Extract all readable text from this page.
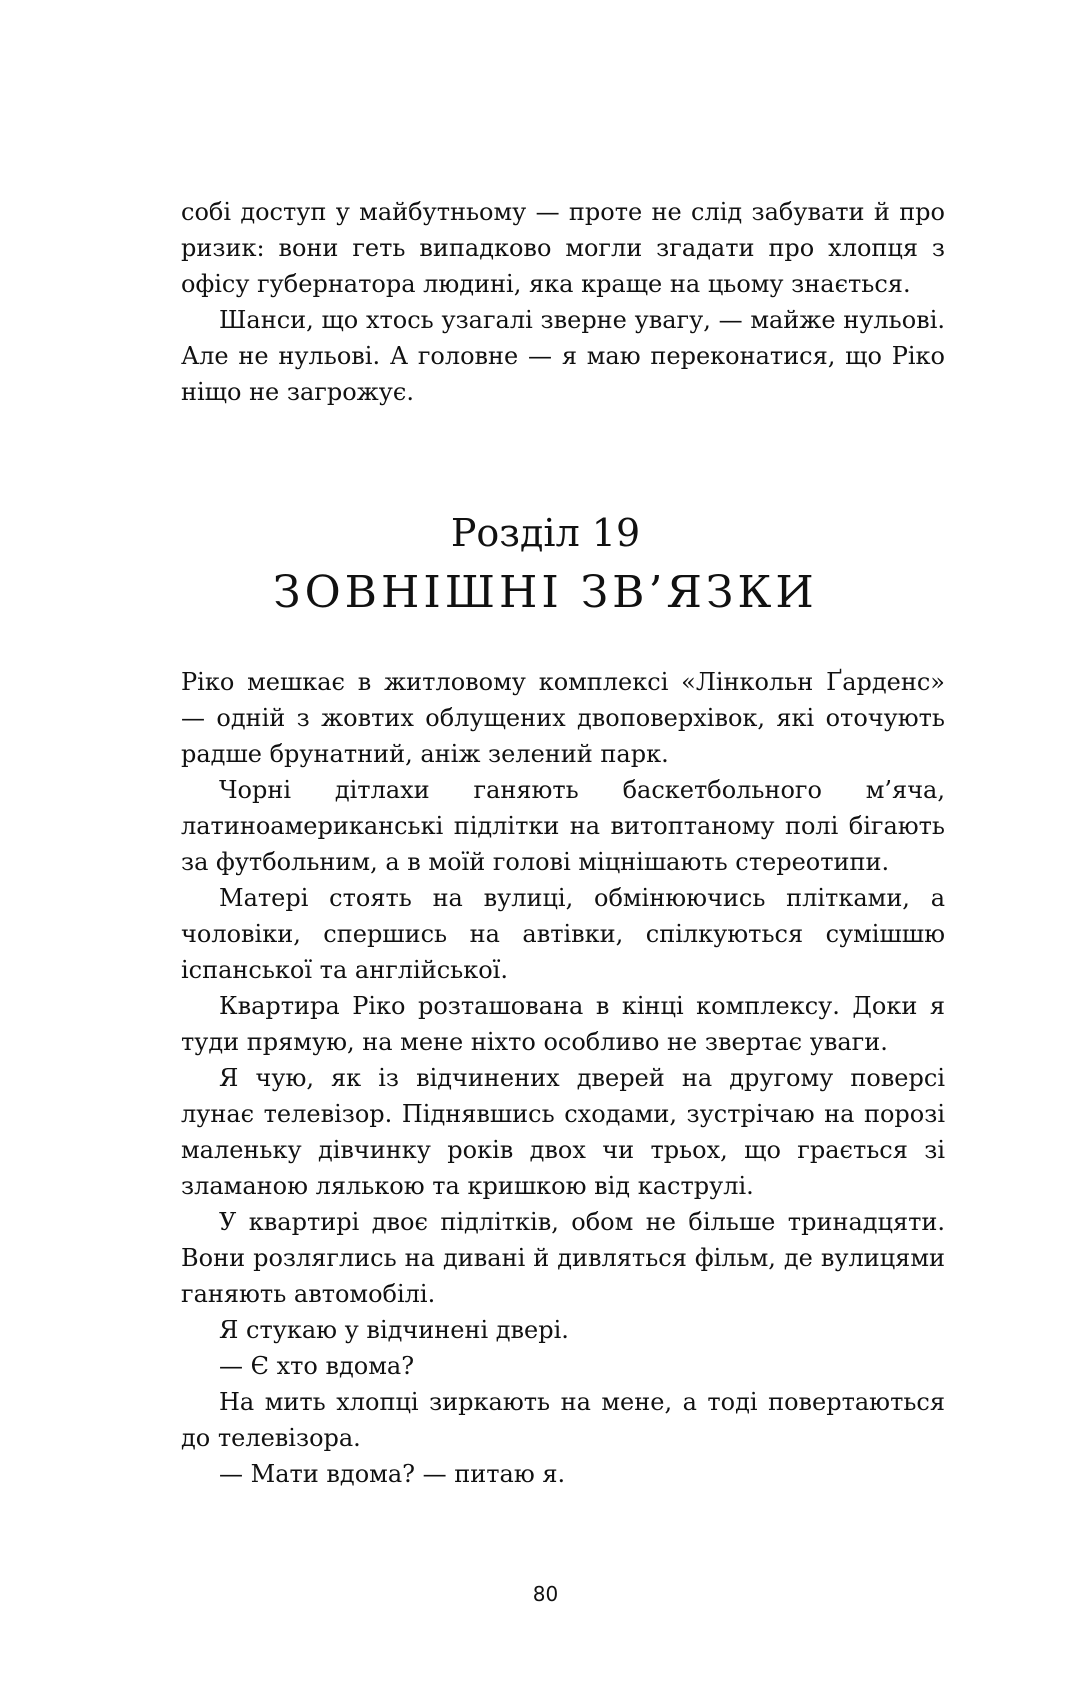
собі доступ у майбутньому — проте не слід забувати й про ризик: вони геть випадково могли згадати про хлопця з офісу губернатора людині, яка краще на цьому знається.

Шанси, що хтось узагалі зверне увагу, — майже нульові. Але не нульові. А головне — я маю переконатися, що Ріко ніщо не загрожує.

Розділ 19
ЗОВНІШНІ ЗВ’ЯЗКИ

Ріко мешкає в житловому комплексі «Лінкольн Ґарденс» — одній з жовтих облущених двоповерхівок, які оточують радше брунатний, аніж зелений парк.

Чорні дітлахи ганяють баскетбольного м’яча, латиноамериканські підлітки на витоптаному полі бігають за футбольним, а в моїй голові міцнішають стереотипи.

Матері стоять на вулиці, обмінюючись плітками, а чоловіки, спершись на автівки, спілкуються сумішшю іспанської та англійської.

Квартира Ріко розташована в кінці комплексу. Доки я туди прямую, на мене ніхто особливо не звертає уваги.

Я чую, як із відчинених дверей на другому поверсі лунає телевізор. Піднявшись сходами, зустрічаю на порозі маленьку дівчинку років двох чи трьох, що грається зі зламаною лялькою та кришкою від каструлі.

У квартирі двоє підлітків, обом не більше тринадцяти. Вони розляглись на дивані й дивляться фільм, де вулицями ганяють автомобілі.

Я стукаю у відчинені двері.

— Є хто вдома?

На мить хлопці зиркають на мене, а тоді повертаються до телевізора.

— Мати вдома? — питаю я.

80
